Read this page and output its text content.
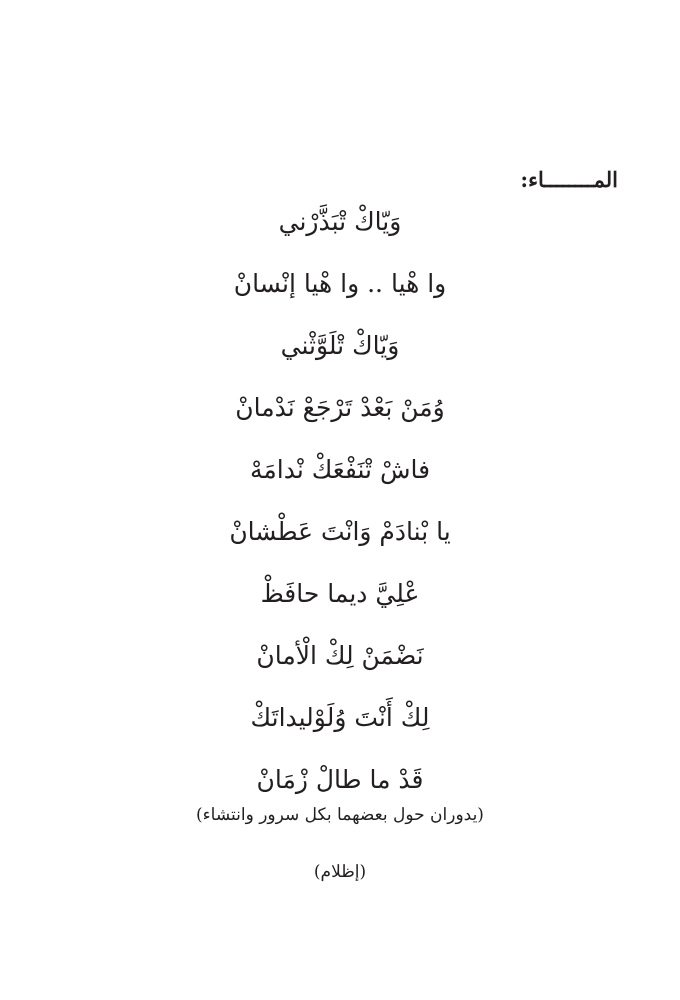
المــــــــاء:
وَيّاكْ تْبَذَّرْني
وا هْيا .. وا هْيا إنْسانْ
وَيّاكْ تْلَوَّثْني
وُمَنْ بَعْدْ تَرْجَعْ نَدْمانْ
فاشْ تْنَفْعَكْ نْدامَهْ
يا بْنادَمْ وَانْتَ عَطْشانْ
عْلِيَّ ديما حافَظْ
نَضْمَنْ لِكْ الْأمانْ
لِكْ أَنْتَ وُلَوْليداتَكْ
قَدْ ما طالْ زْمَانْ
(يدوران حول بعضهما بكل سرور وانتشاء)
(إظلام)
